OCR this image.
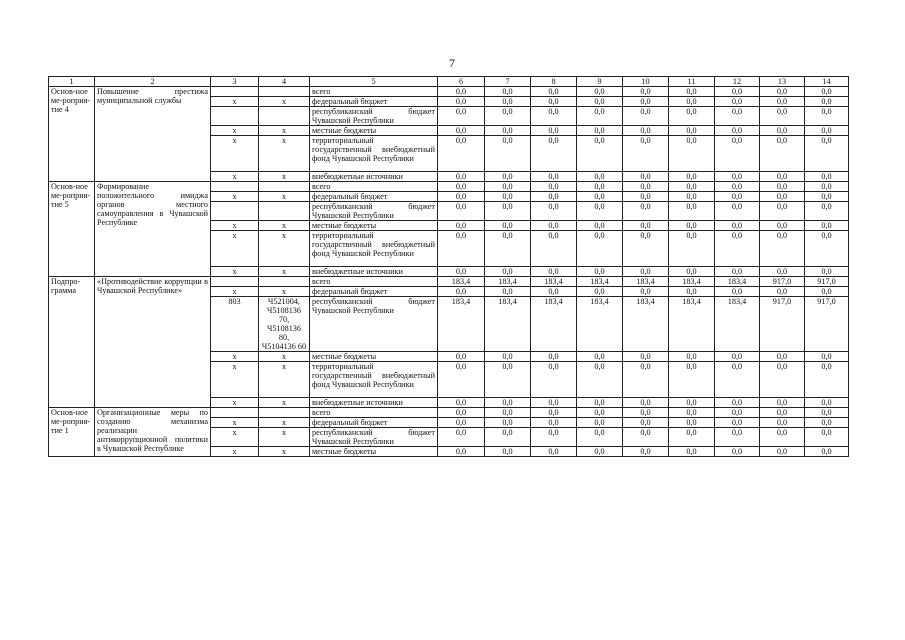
7
1	2	3	4	5	6	7	8	9	10	11	12	13	14
Основ-ное ме-роприя-тие 4	Повышение престижа муниципальной службы			всего	0,0	0,0	0,0	0,0	0,0	0,0	0,0	0,0	0,0
		x	x	федеральный бюджет	0,0	0,0	0,0	0,0	0,0	0,0	0,0	0,0	0,0
				республиканский бюджет Чувашской Республики	0,0	0,0	0,0	0,0	0,0	0,0	0,0	0,0	0,0
		x	x	местные бюджеты	0,0	0,0	0,0	0,0	0,0	0,0	0,0	0,0	0,0
		x	x	территориальный государственный внебюджетный фонд Чувашской Республики	0,0	0,0	0,0	0,0	0,0	0,0	0,0	0,0	0,0
		x	x	внебюджетные источники	0,0	0,0	0,0	0,0	0,0	0,0	0,0	0,0	0,0
Основ-ное ме-роприя-тие 5	Формирование положительного имиджа органов местного самоуправления в Чувашской Республике			всего	0,0	0,0	0,0	0,0	0,0	0,0	0,0	0,0	0,0
		x	x	федеральный бюджет	0,0	0,0	0,0	0,0	0,0	0,0	0,0	0,0	0,0
				республиканский бюджет Чувашской Республики	0,0	0,0	0,0	0,0	0,0	0,0	0,0	0,0	0,0
		x	x	местные бюджеты	0,0	0,0	0,0	0,0	0,0	0,0	0,0	0,0	0,0
		x	x	территориальный государственный внебюджетный фонд Чувашской Республики	0,0	0,0	0,0	0,0	0,0	0,0	0,0	0,0	0,0
		x	x	внебюджетные источники	0,0	0,0	0,0	0,0	0,0	0,0	0,0	0,0	0,0
Подпро-грамма	«Противодействие коррупции в Чувашской Республике»			всего	183,4	183,4	183,4	183,4	183,4	183,4	183,4	917,0	917,0
		x	x	федеральный бюджет	0,0	0,0	0,0	0,0	0,0	0,0	0,0	0,0	0,0
		803	Ч521004, Ч5108136 70, Ч5108136 80, Ч5104136 60	республиканский бюджет Чувашской Республики	183,4	183,4	183,4	183,4	183,4	183,4	183,4	917,0	917,0
		x	x	местные бюджеты	0,0	0,0	0,0	0,0	0,0	0,0	0,0	0,0	0,0
		x	x	территориальный государственный внебюджетный фонд Чувашской Республики	0,0	0,0	0,0	0,0	0,0	0,0	0,0	0,0	0,0
		x	x	внебюджетные источники	0,0	0,0	0,0	0,0	0,0	0,0	0,0	0,0	0,0
Основ-ное ме-роприя-тие 1	Организационные меры по созданию механизма реализации антикоррупционной политики в Чувашской Республике			всего	0,0	0,0	0,0	0,0	0,0	0,0	0,0	0,0	0,0
		x	x	федеральный бюджет	0,0	0,0	0,0	0,0	0,0	0,0	0,0	0,0	0,0
		x	x	республиканский бюджет Чувашской Республики	0,0	0,0	0,0	0,0	0,0	0,0	0,0	0,0	0,0
		x	x	местные бюджеты	0,0	0,0	0,0	0,0	0,0	0,0	0,0	0,0	0,0
